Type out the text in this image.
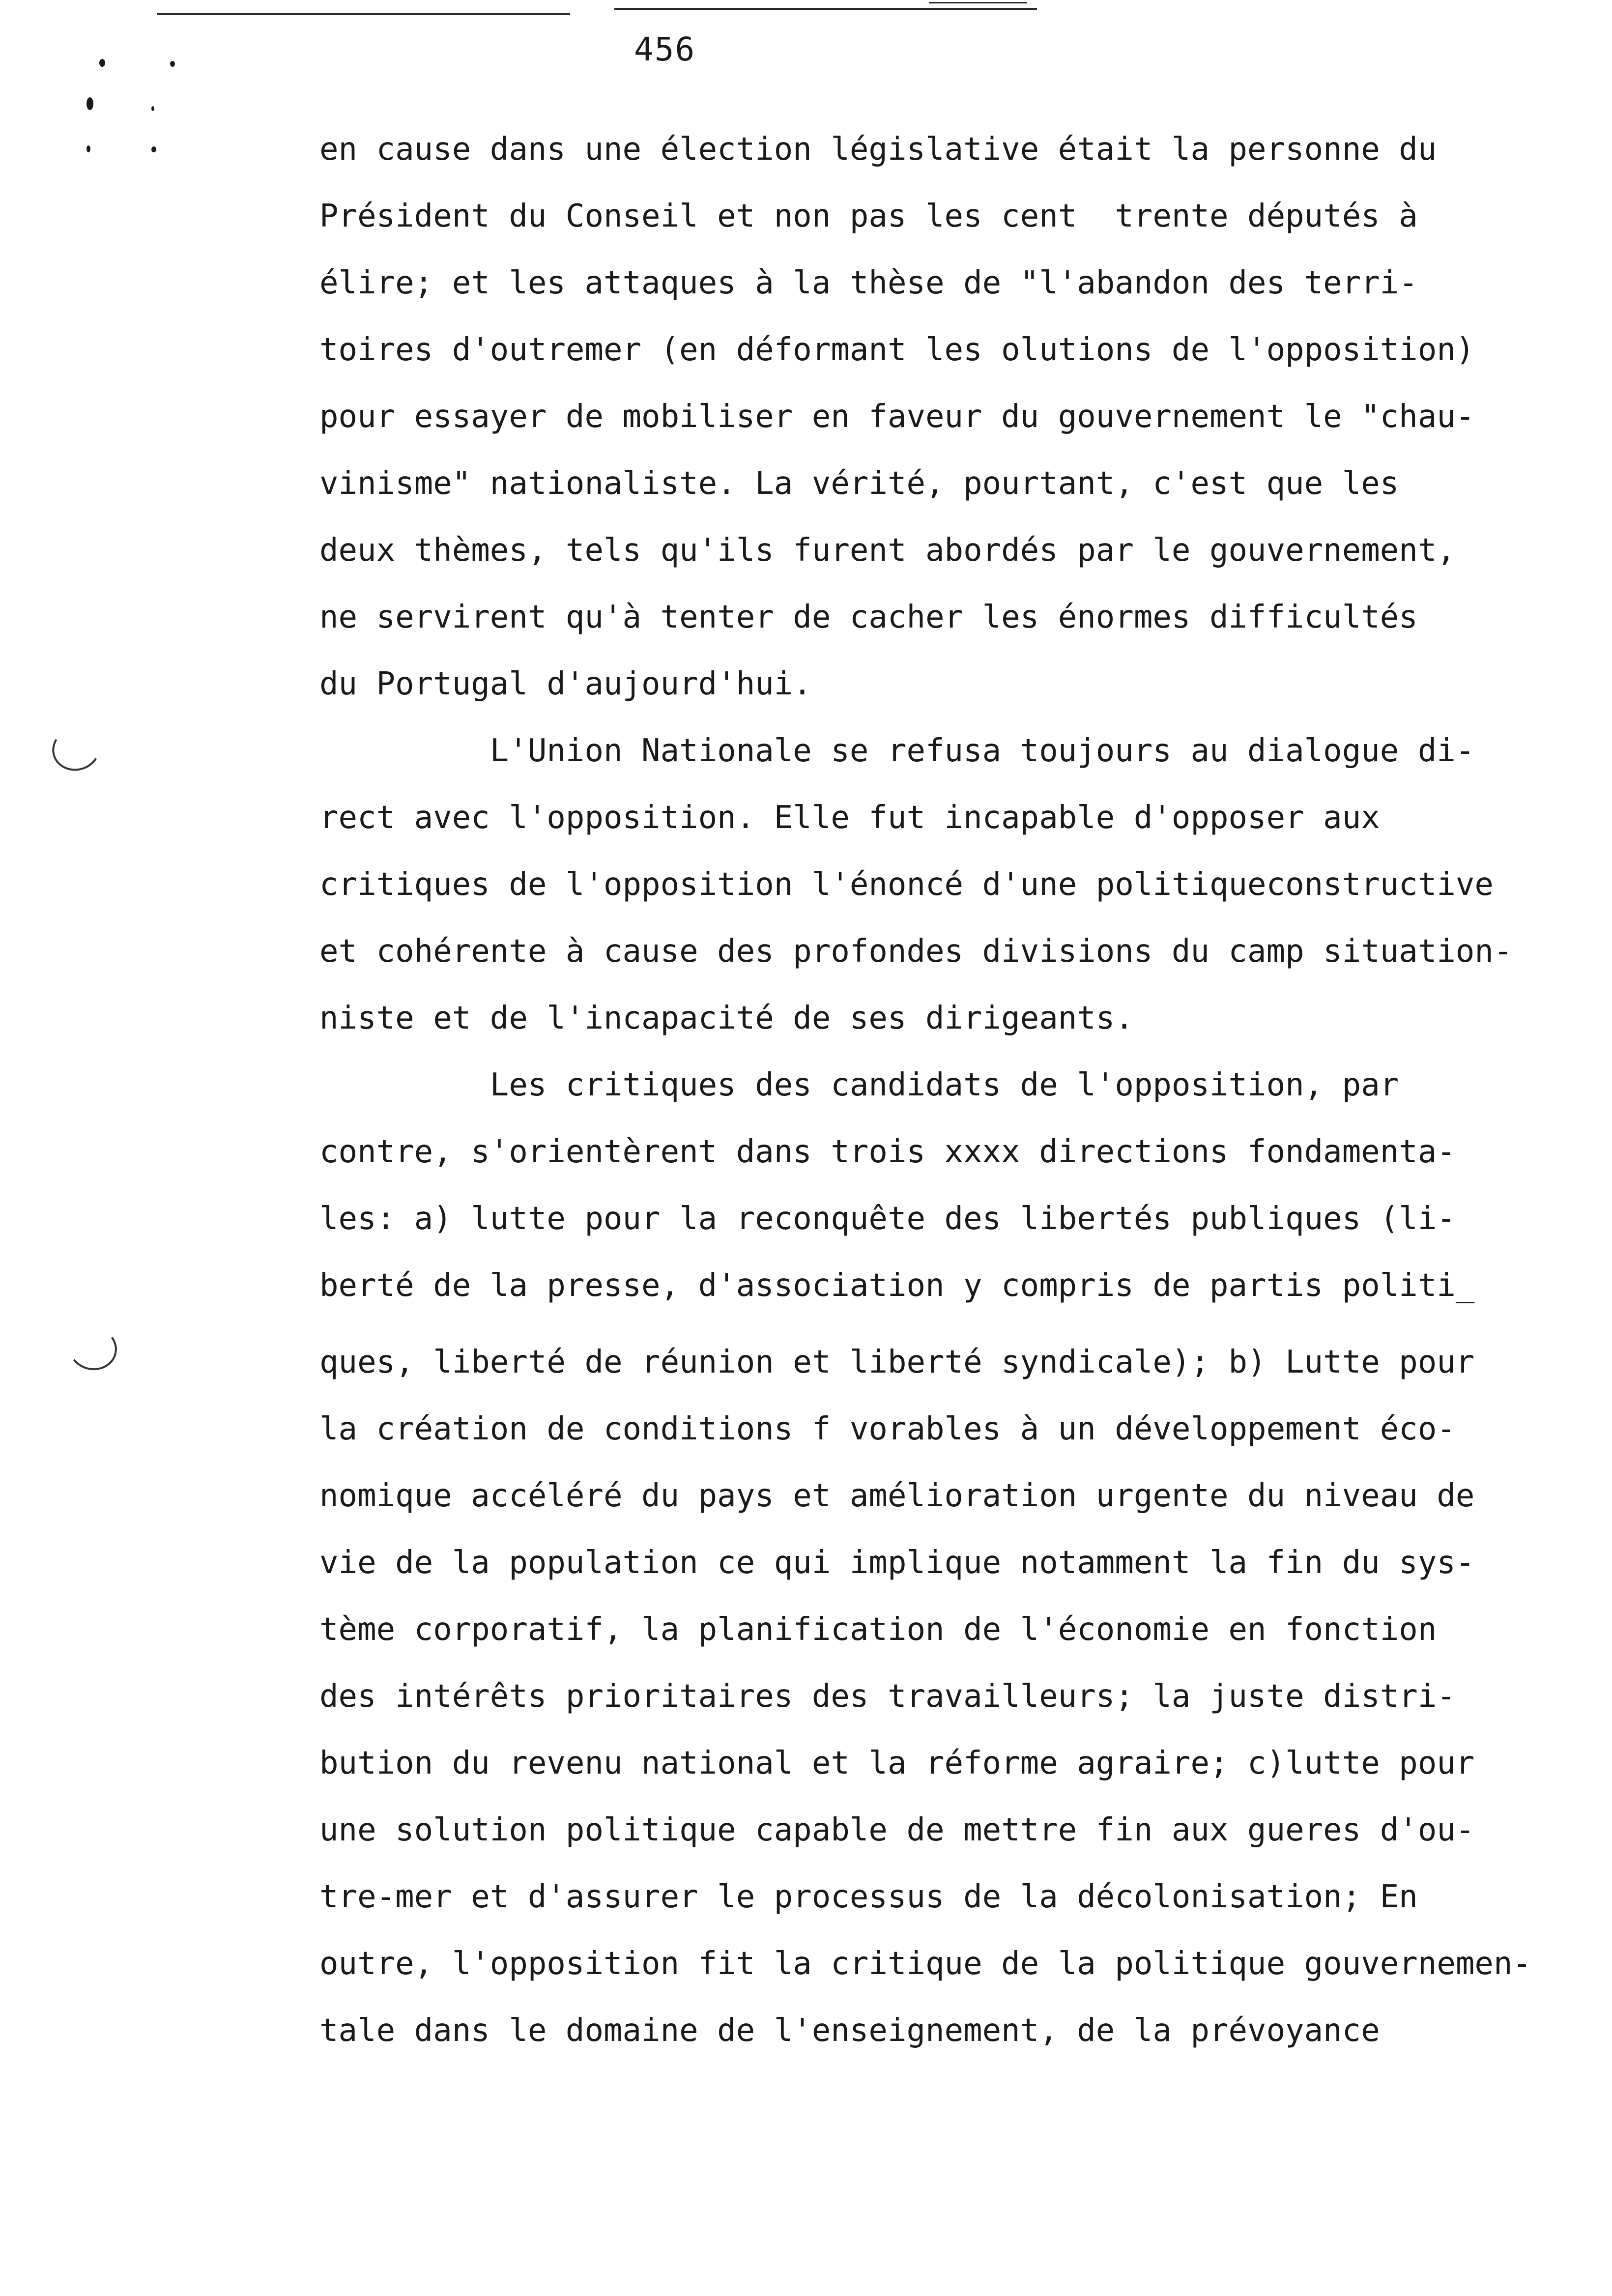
456
en cause dans une élection législative était la personne du
Président du Conseil et non pas les cent  trente députés à
élire; et les attaques à la thèse de "l'abandon des terri-
toires d'outremer (en déformant les olutions de l'opposition)
pour essayer de mobiliser en faveur du gouvernement le "chau-
vinisme" nationaliste. La vérité, pourtant, c'est que les
deux thèmes, tels qu'ils furent abordés par le gouvernement,
ne servirent qu'à tenter de cacher les énormes difficultés
du Portugal d'aujourd'hui.
L'Union Nationale se refusa toujours au dialogue di-
rect avec l'opposition. Elle fut incapable d'opposer aux
critiques de l'opposition l'énoncé d'une politiqueconstructive
et cohérente à cause des profondes divisions du camp situation-
niste et de l'incapacité de ses dirigeants.
Les critiques des candidats de l'opposition, par
contre, s'orientèrent dans trois xxxx directions fondamenta-
les: a) lutte pour la reconquête des libertés publiques (li-
berté de la presse, d'association y compris de partis politi_
ques, liberté de réunion et liberté syndicale); b) Lutte pour
la création de conditions f vorables à un développement éco-
nomique accéléré du pays et amélioration urgente du niveau de
vie de la population ce qui implique notamment la fin du sys-
tème corporatif, la planification de l'économie en fonction
des intérêts prioritaires des travailleurs; la juste distri-
bution du revenu national et la réforme agraire; c)lutte pour
une solution politique capable de mettre fin aux gueres d'ou-
tre-mer et d'assurer le processus de la décolonisation; En
outre, l'opposition fit la critique de la politique gouvernemen-
tale dans le domaine de l'enseignement, de la prévoyance
